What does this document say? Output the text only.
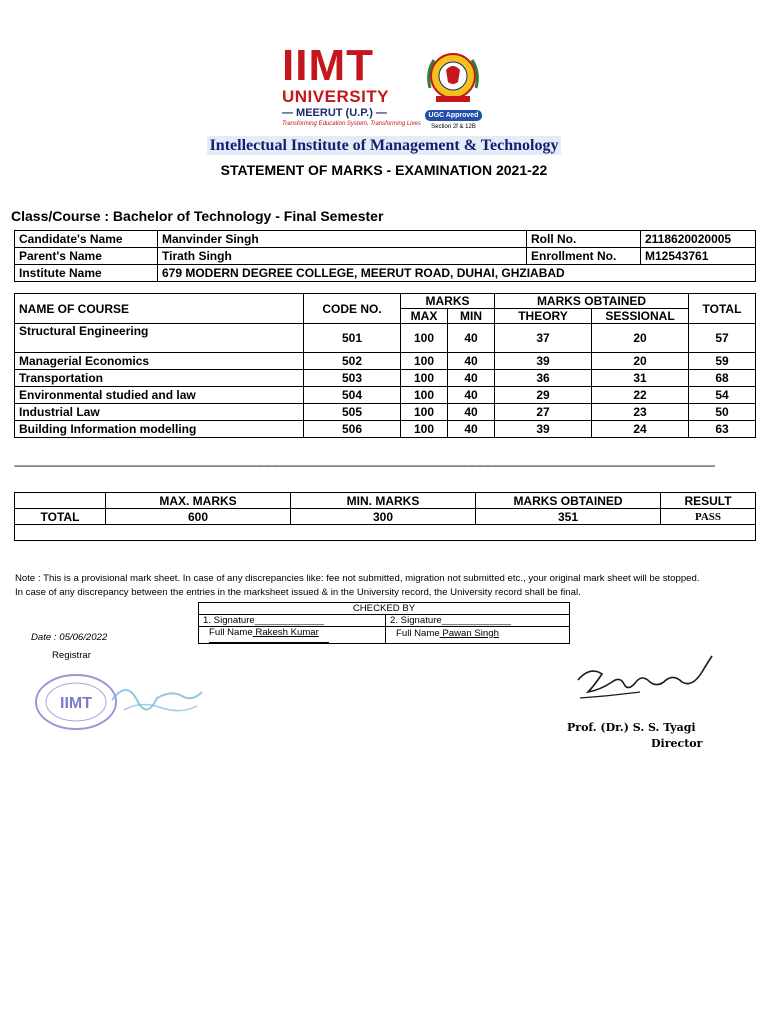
IIMT
UNIVERSITY
— MEERUT (U.P.) —
Transforming Education System, Transforming Lives
UGC Approved
Section 2f & 12B
Intellectual Institute of Management & Technology
STATEMENT OF MARKS - EXAMINATION 2021-22
Class/Course : Bachelor of Technology - Final Semester
Candidate's Name	Manvinder Singh	Roll No.	2118620020005
Parent's Name	Tirath Singh	Enrollment No.	M12543761
Institute Name	679 MODERN DEGREE COLLEGE, MEERUT ROAD, DUHAI, GHZIABAD		
NAME OF COURSE	CODE NO.	MARKS		MARKS OBTAINED		TOTAL
		MAX	MIN	THEORY	SESSIONAL	
Structural Engineering	501	100	40	37	20	57
Managerial Economics	502	100	40	39	20	59
Transportation	503	100	40	36	31	68
Environmental studied and law	504	100	40	29	22	54
Industrial Law	505	100	40	27	23	50
Building Information modelling	506	100	40	39	24	63
-----------------------------------------------------------------------------------------------------------------------------------------------------------------------------------------------------------------------------------------------------------------------
	MAX. MARKS	MIN. MARKS	MARKS OBTAINED	RESULT
TOTAL	600	300	351	PASS

Note : This is a provisional mark sheet. In case of any discrepancies like: fee not submitted, migration not submitted etc., your original mark sheet will be stopped.
In case of any discrepancy between the entries in the marksheet issued & in the University record, the University record shall be final.
CHECKED BY	
1. Signature_____________	2. Signature_____________
Full Name Rakesh Kumar	Full Name Pawan Singh
Date : 05/06/2022
Registrar
IIMT
Prof. (Dr.) S. S. Tyagi
Director
